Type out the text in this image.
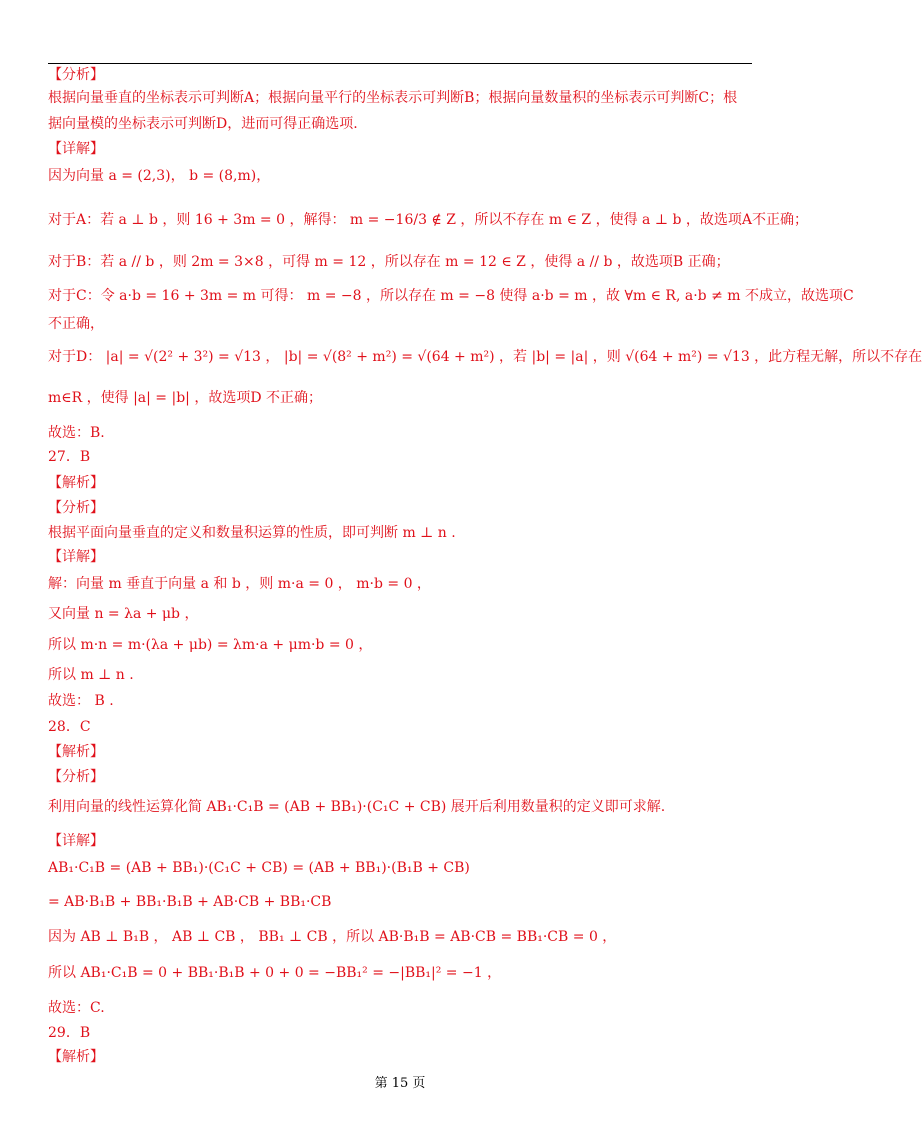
【分析】
根据向量垂直的坐标表示可判断A；根据向量平行的坐标表示可判断B；根据向量数量积的坐标表示可判断C；根
据向量模的坐标表示可判断D，进而可得正确选项.
【详解】
因为向量 a = (2,3)， b = (8,m)，
对于A：若 a ⊥ b ，则 16 + 3m = 0 ，解得： m = −16/3 ∉ Z ，所以不存在 m ∈ Z ，使得 a ⊥ b ，故选项A不正确；
对于B：若 a // b ，则 2m = 3×8 ，可得 m = 12 ，所以存在 m = 12 ∈ Z ，使得 a // b ，故选项B 正确；
对于C：令 a·b = 16 + 3m = m 可得： m = −8 ，所以存在 m = −8 使得 a·b = m ，故 ∀m ∈ R, a·b ≠ m 不成立，故选项C
不正确，
对于D： |a| = √(2² + 3²) = √13 ， |b| = √(8² + m²) = √(64 + m²) ，若 |b| = |a| ，则 √(64 + m²) = √13 ，此方程无解，所以不存在
m∈R ，使得 |a| = |b| ，故选项D 不正确；
故选：B.
27．B
【解析】
【分析】
根据平面向量垂直的定义和数量积运算的性质，即可判断 m ⊥ n .
【详解】
解：向量 m 垂直于向量 a 和 b ，则 m·a = 0 ， m·b = 0 ，
又向量 n = λa + μb ，
所以 m·n = m·(λa + μb) = λm·a + μm·b = 0 ，
所以 m ⊥ n .
故选： B .
28．C
【解析】
【分析】
利用向量的线性运算化简 AB₁·C₁B = (AB + BB₁)·(C₁C + CB) 展开后利用数量积的定义即可求解.
【详解】
AB₁·C₁B = (AB + BB₁)·(C₁C + CB) = (AB + BB₁)·(B₁B + CB)
= AB·B₁B + BB₁·B₁B + AB·CB + BB₁·CB
因为 AB ⊥ B₁B ， AB ⊥ CB ， BB₁ ⊥ CB ，所以 AB·B₁B = AB·CB = BB₁·CB = 0 ，
所以 AB₁·C₁B = 0 + BB₁·B₁B + 0 + 0 = −BB₁² = −|BB₁|² = −1 ，
故选：C.
29．B
【解析】
第 15 页
